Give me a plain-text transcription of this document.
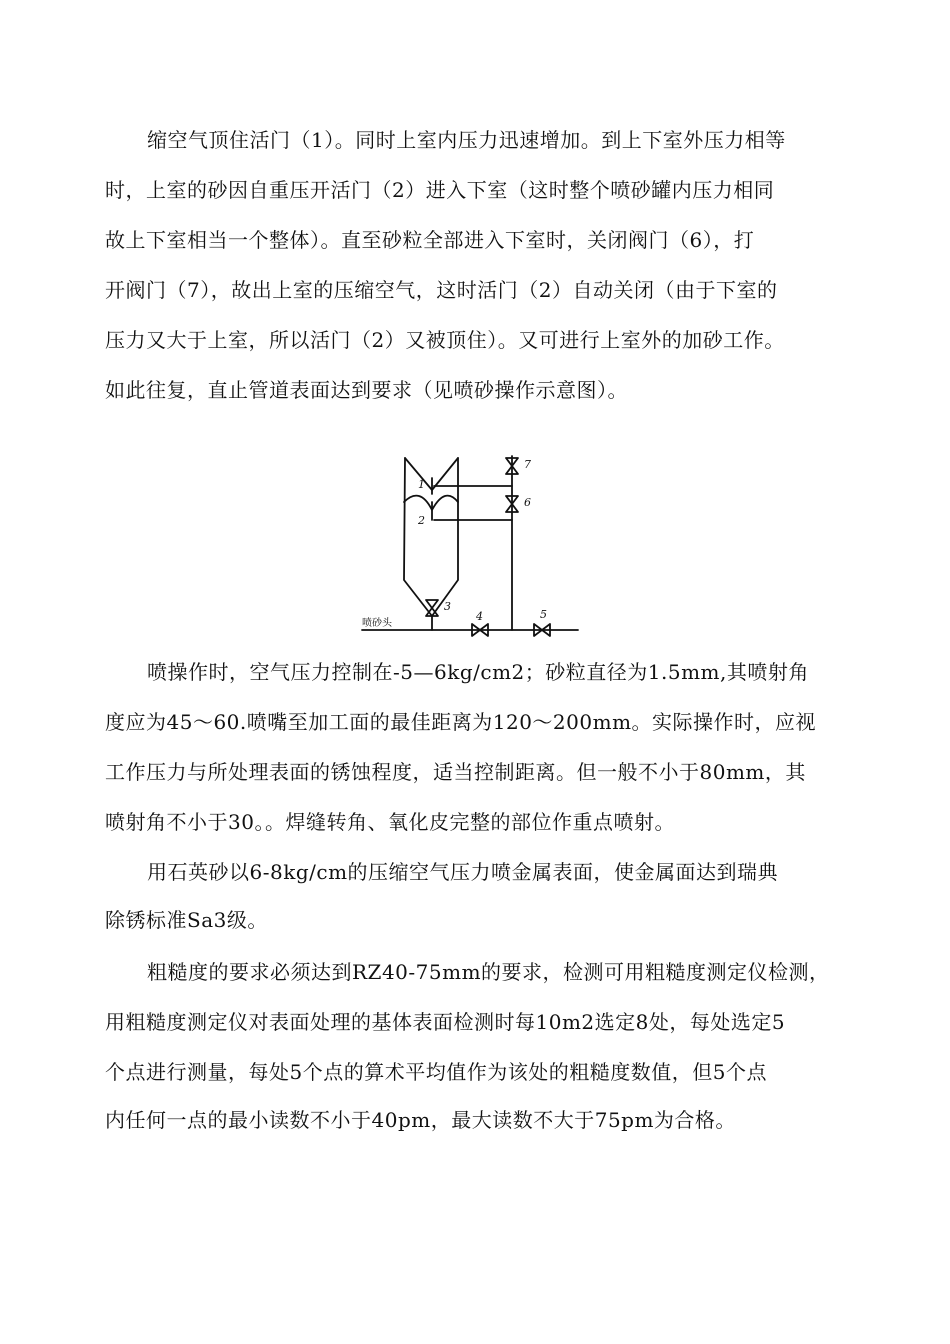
缩空气顶住活门（1）。同时上室内压力迅速增加。到上下室外压力相等
时，上室的砂因自重压开活门（2）进入下室（这时整个喷砂罐内压力相同
故上下室相当一个整体）。直至砂粒全部进入下室时，关闭阀门（6），打
开阀门（7），故出上室的压缩空气，这时活门（2）自动关闭（由于下室的
压力又大于上室，所以活门（2）又被顶住）。又可进行上室外的加砂工作。
如此往复，直止管道表面达到要求（见喷砂操作示意图）。
1
2
3
4	5
6
7
喷砂头
喷操作时，空气压力控制在-5—6kg/cm2；砂粒直径为1.5mm,其喷射角
度应为45～60.喷嘴至加工面的最佳距离为120～200mm。实际操作时，应视
工作压力与所处理表面的锈蚀程度，适当控制距离。但一般不小于80mm，其
喷射角不小于30。。焊缝转角、氧化皮完整的部位作重点喷射。
用石英砂以6-8kg/cm的压缩空气压力喷金属表面，使金属面达到瑞典
除锈标准Sa3级。
粗糙度的要求必须达到RZ40-75mm的要求，检测可用粗糙度测定仪检测，
用粗糙度测定仪对表面处理的基体表面检测时每10m2选定8处，每处选定5
个点进行测量，每处5个点的算术平均值作为该处的粗糙度数值，但5个点
内任何一点的最小读数不小于40pm，最大读数不大于75pm为合格。
